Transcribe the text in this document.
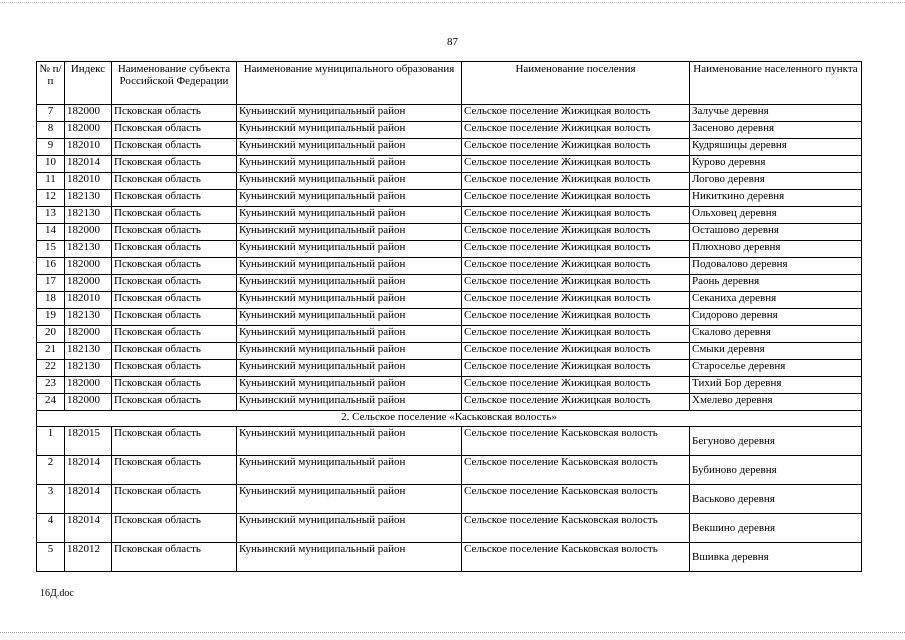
87
№ п/п	Индекс	Наименование субъекта Российской Федерации	Наименование муниципального образования	Наименование поселения	Наименование населенного пункта
7	182000	Псковская область	Куньинский муниципальный район	Сельское поселение Жижицкая волость	Залучье деревня
8	182000	Псковская область	Куньинский муниципальный район	Сельское поселение Жижицкая волость	Засеново деревня
9	182010	Псковская область	Куньинский муниципальный район	Сельское поселение Жижицкая волость	Кудряшицы деревня
10	182014	Псковская область	Куньинский муниципальный район	Сельское поселение Жижицкая волость	Курово деревня
11	182010	Псковская область	Куньинский муниципальный район	Сельское поселение Жижицкая волость	Логово деревня
12	182130	Псковская область	Куньинский муниципальный район	Сельское поселение Жижицкая волость	Никиткино деревня
13	182130	Псковская область	Куньинский муниципальный район	Сельское поселение Жижицкая волость	Ольховец деревня
14	182000	Псковская область	Куньинский муниципальный район	Сельское поселение Жижицкая волость	Осташово деревня
15	182130	Псковская область	Куньинский муниципальный район	Сельское поселение Жижицкая волость	Плюхново деревня
16	182000	Псковская область	Куньинский муниципальный район	Сельское поселение Жижицкая волость	Подовалово деревня
17	182000	Псковская область	Куньинский муниципальный район	Сельское поселение Жижицкая волость	Раонь деревня
18	182010	Псковская область	Куньинский муниципальный район	Сельское поселение Жижицкая волость	Секаниха деревня
19	182130	Псковская область	Куньинский муниципальный район	Сельское поселение Жижицкая волость	Сидорово деревня
20	182000	Псковская область	Куньинский муниципальный район	Сельское поселение Жижицкая волость	Скалово деревня
21	182130	Псковская область	Куньинский муниципальный район	Сельское поселение Жижицкая волость	Смыки деревня
22	182130	Псковская область	Куньинский муниципальный район	Сельское поселение Жижицкая волость	Староселье деревня
23	182000	Псковская область	Куньинский муниципальный район	Сельское поселение Жижицкая волость	Тихий Бор деревня
24	182000	Псковская область	Куньинский муниципальный район	Сельское поселение Жижицкая волость	Хмелево деревня
2. Сельское поселение «Каськовская волость»					
1	182015	Псковская область	Куньинский муниципальный район	Сельское поселение Каськовская волость	Бегуново деревня
2	182014	Псковская область	Куньинский муниципальный район	Сельское поселение Каськовская волость	Бубиново деревня
3	182014	Псковская область	Куньинский муниципальный район	Сельское поселение Каськовская волость	Васьково деревня
4	182014	Псковская область	Куньинский муниципальный район	Сельское поселение Каськовская волость	Векшино деревня
5	182012	Псковская область	Куньинский муниципальный район	Сельское поселение Каськовская волость	Вшивка деревня
16Д.doc
